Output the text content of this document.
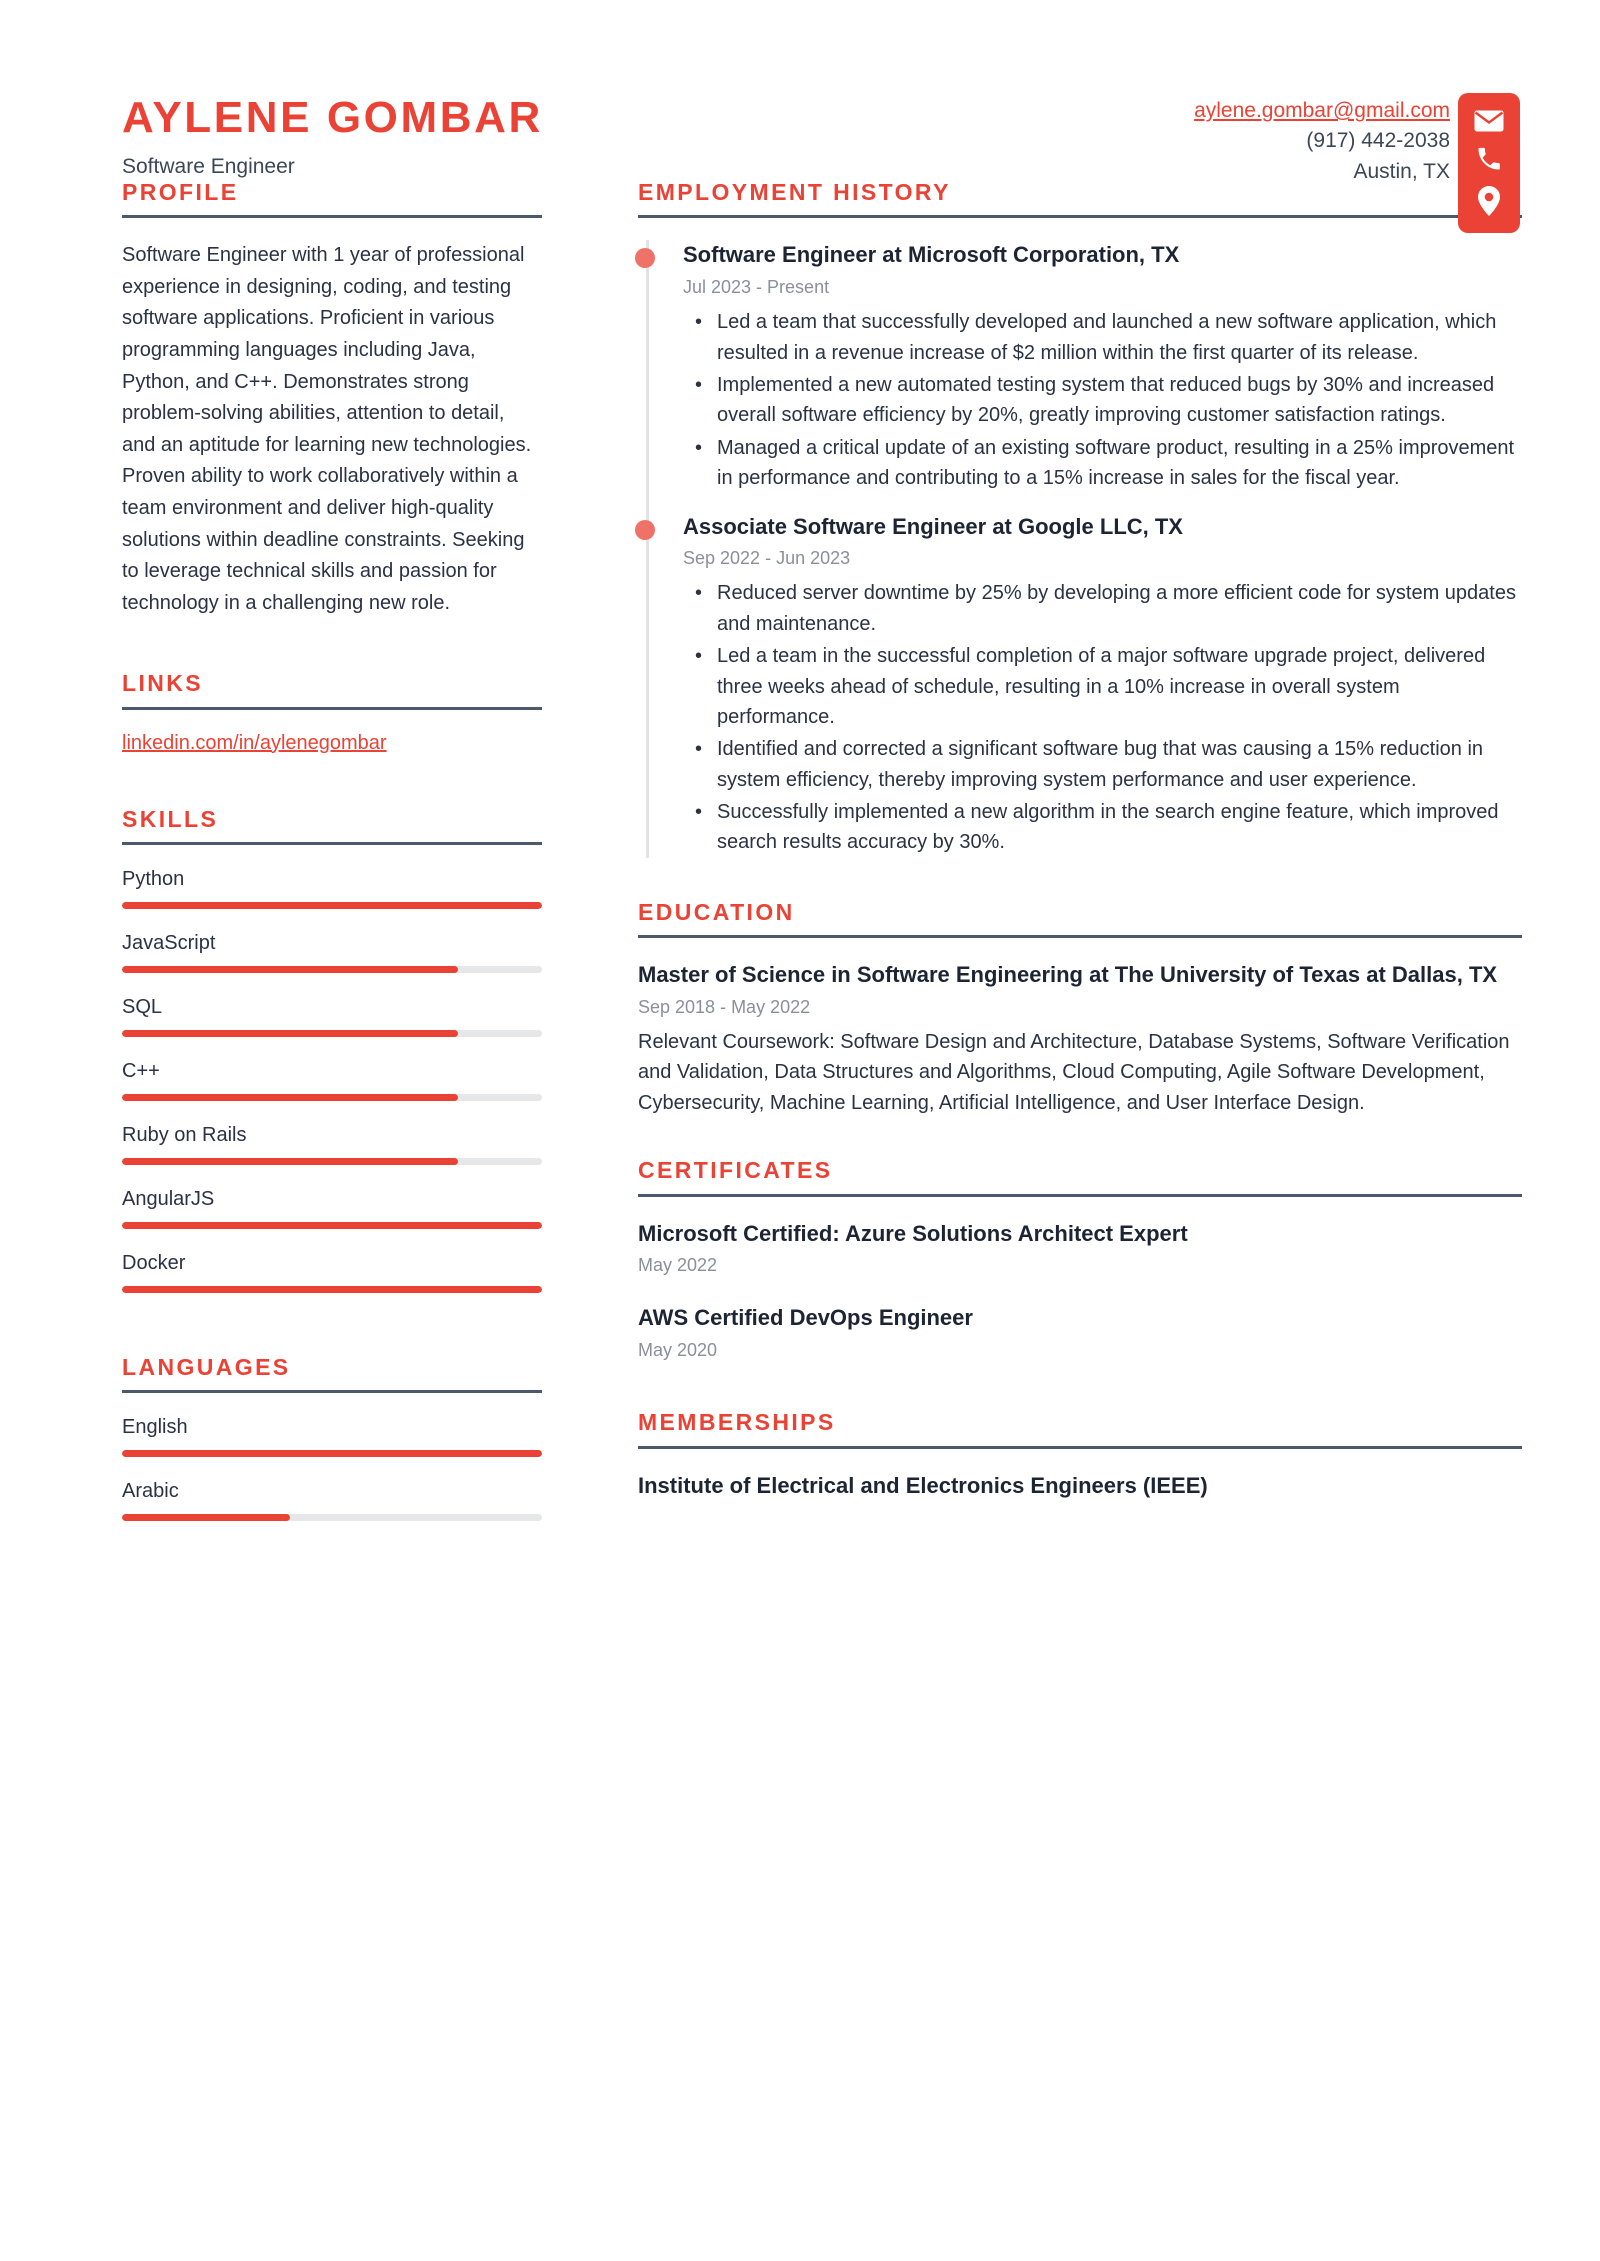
AYLENE GOMBAR
Software Engineer
aylene.gombar@gmail.com
(917) 442-2038
Austin, TX
PROFILE

Software Engineer with 1 year of professional experience in designing, coding, and testing software applications. Proficient in various programming languages including Java, Python, and C++. Demonstrates strong problem-solving abilities, attention to detail, and an aptitude for learning new technologies. Proven ability to work collaboratively within a team environment and deliver high-quality solutions within deadline constraints. Seeking to leverage technical skills and passion for technology in a challenging new role.

LINKS
linkedin.com/in/aylenegombar
SKILLS
Python
JavaScript
SQL
C++
Ruby on Rails
AngularJS
Docker
LANGUAGES
English
Arabic
EMPLOYMENT HISTORY
Software Engineer at Microsoft Corporation, TX
Jul 2023 - Present
• Led a team that successfully developed and launched a new software application, which resulted in a revenue increase of $2 million within the first quarter of its release.
• Implemented a new automated testing system that reduced bugs by 30% and increased overall software efficiency by 20%, greatly improving customer satisfaction ratings.
• Managed a critical update of an existing software product, resulting in a 25% improvement in performance and contributing to a 15% increase in sales for the fiscal year.
Associate Software Engineer at Google LLC, TX
Sep 2022 - Jun 2023
• Reduced server downtime by 25% by developing a more efficient code for system updates and maintenance.
• Led a team in the successful completion of a major software upgrade project, delivered three weeks ahead of schedule, resulting in a 10% increase in overall system performance.
• Identified and corrected a significant software bug that was causing a 15% reduction in system efficiency, thereby improving system performance and user experience.
• Successfully implemented a new algorithm in the search engine feature, which improved search results accuracy by 30%.
EDUCATION
Master of Science in Software Engineering at The University of Texas at Dallas, TX
Sep 2018 - May 2022

Relevant Coursework: Software Design and Architecture, Database Systems, Software Verification and Validation, Data Structures and Algorithms, Cloud Computing, Agile Software Development, Cybersecurity, Machine Learning, Artificial Intelligence, and User Interface Design.

CERTIFICATES
Microsoft Certified: Azure Solutions Architect Expert
May 2022
AWS Certified DevOps Engineer
May 2020
MEMBERSHIPS
Institute of Electrical and Electronics Engineers (IEEE)
